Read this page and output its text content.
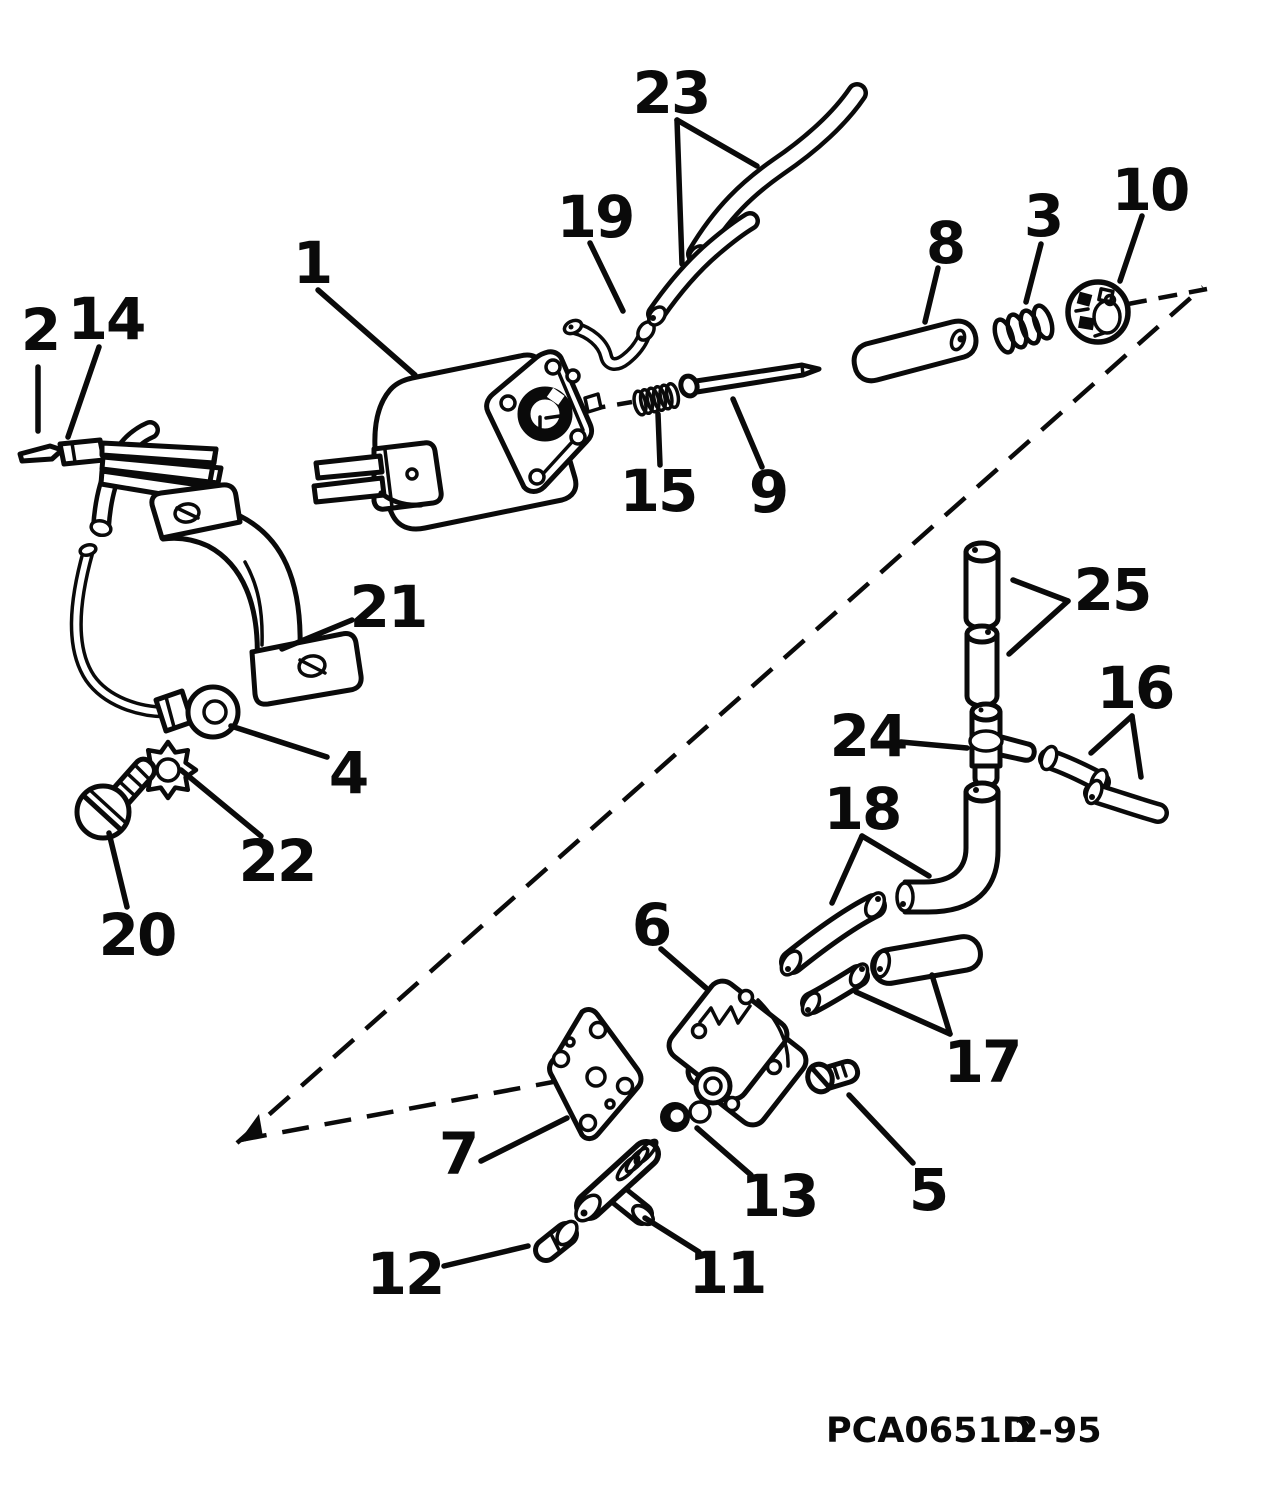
1
2 14
19
23
8 3 10
15 9
21
4
22
20
25
16
24
18
17
6
7
13 5
12	11
PCA0651D
2-95
